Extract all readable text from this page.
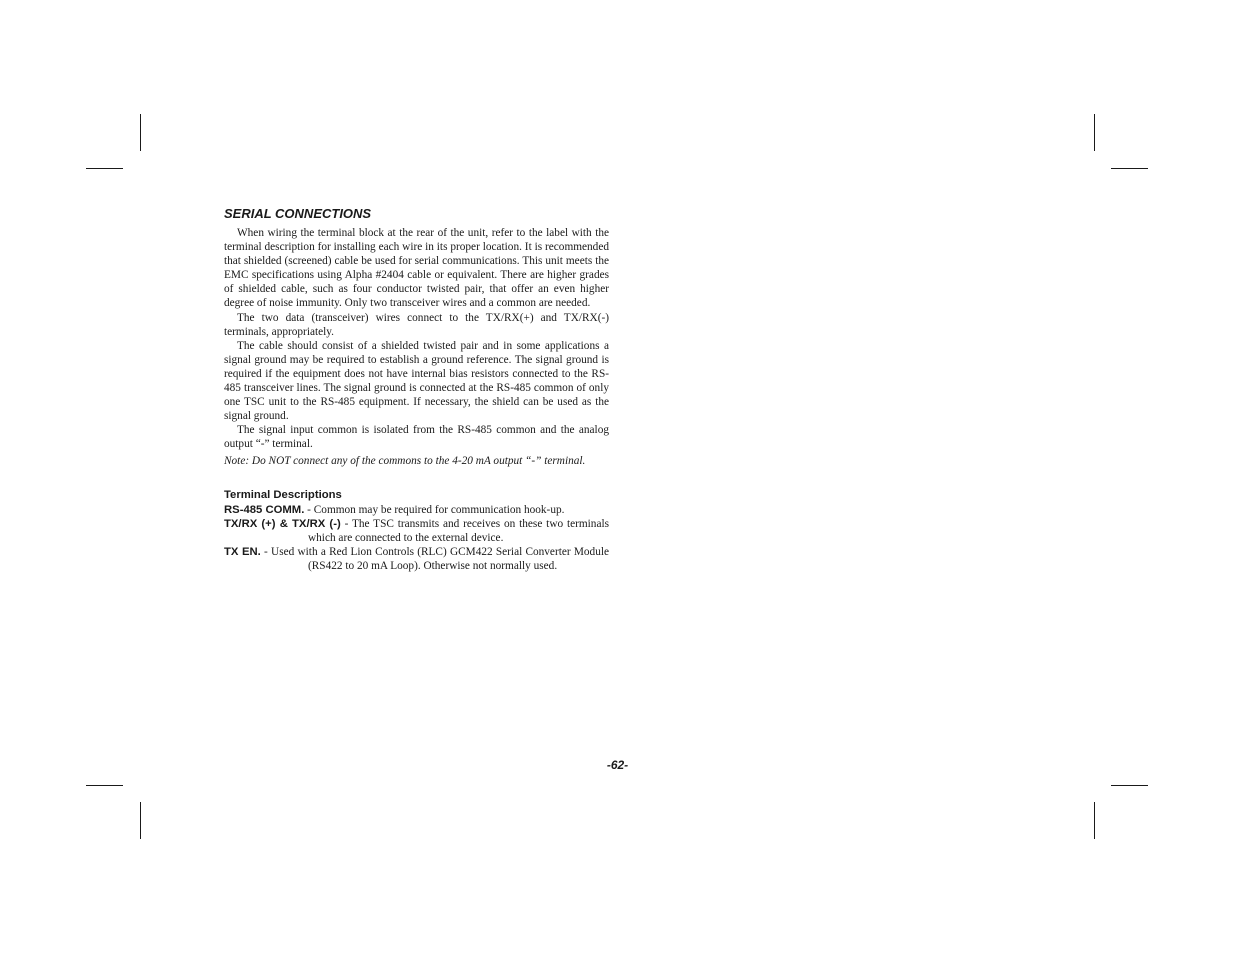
SERIAL CONNECTIONS

When wiring the terminal block at the rear of the unit, refer to the label with the terminal description for installing each wire in its proper location. It is recommended that shielded (screened) cable be used for serial communications. This unit meets the EMC specifications using Alpha #2404 cable or equivalent. There are higher grades of shielded cable, such as four conductor twisted pair, that offer an even higher degree of noise immunity. Only two transceiver wires and a common are needed.

The two data (transceiver) wires connect to the TX/RX(+) and TX/RX(-) terminals, appropriately.

The cable should consist of a shielded twisted pair and in some applications a signal ground may be required to establish a ground reference. The signal ground is required if the equipment does not have internal bias resistors connected to the RS-485 transceiver lines. The signal ground is connected at the RS-485 common of only one TSC unit to the RS-485 equipment. If necessary, the shield can be used as the signal ground.

The signal input common is isolated from the RS-485 common and the analog output “-” terminal.

Note: Do NOT connect any of the commons to the 4-20 mA output “-” terminal.

Terminal Descriptions

RS-485 COMM. - Common may be required for communication hook-up.

TX/RX (+) & TX/RX (-) - The TSC transmits and receives on these two terminals which are connected to the external device.

TX EN. - Used with a Red Lion Controls (RLC) GCM422 Serial Converter Module (RS422 to 20 mA Loop). Otherwise not normally used.

-62-
